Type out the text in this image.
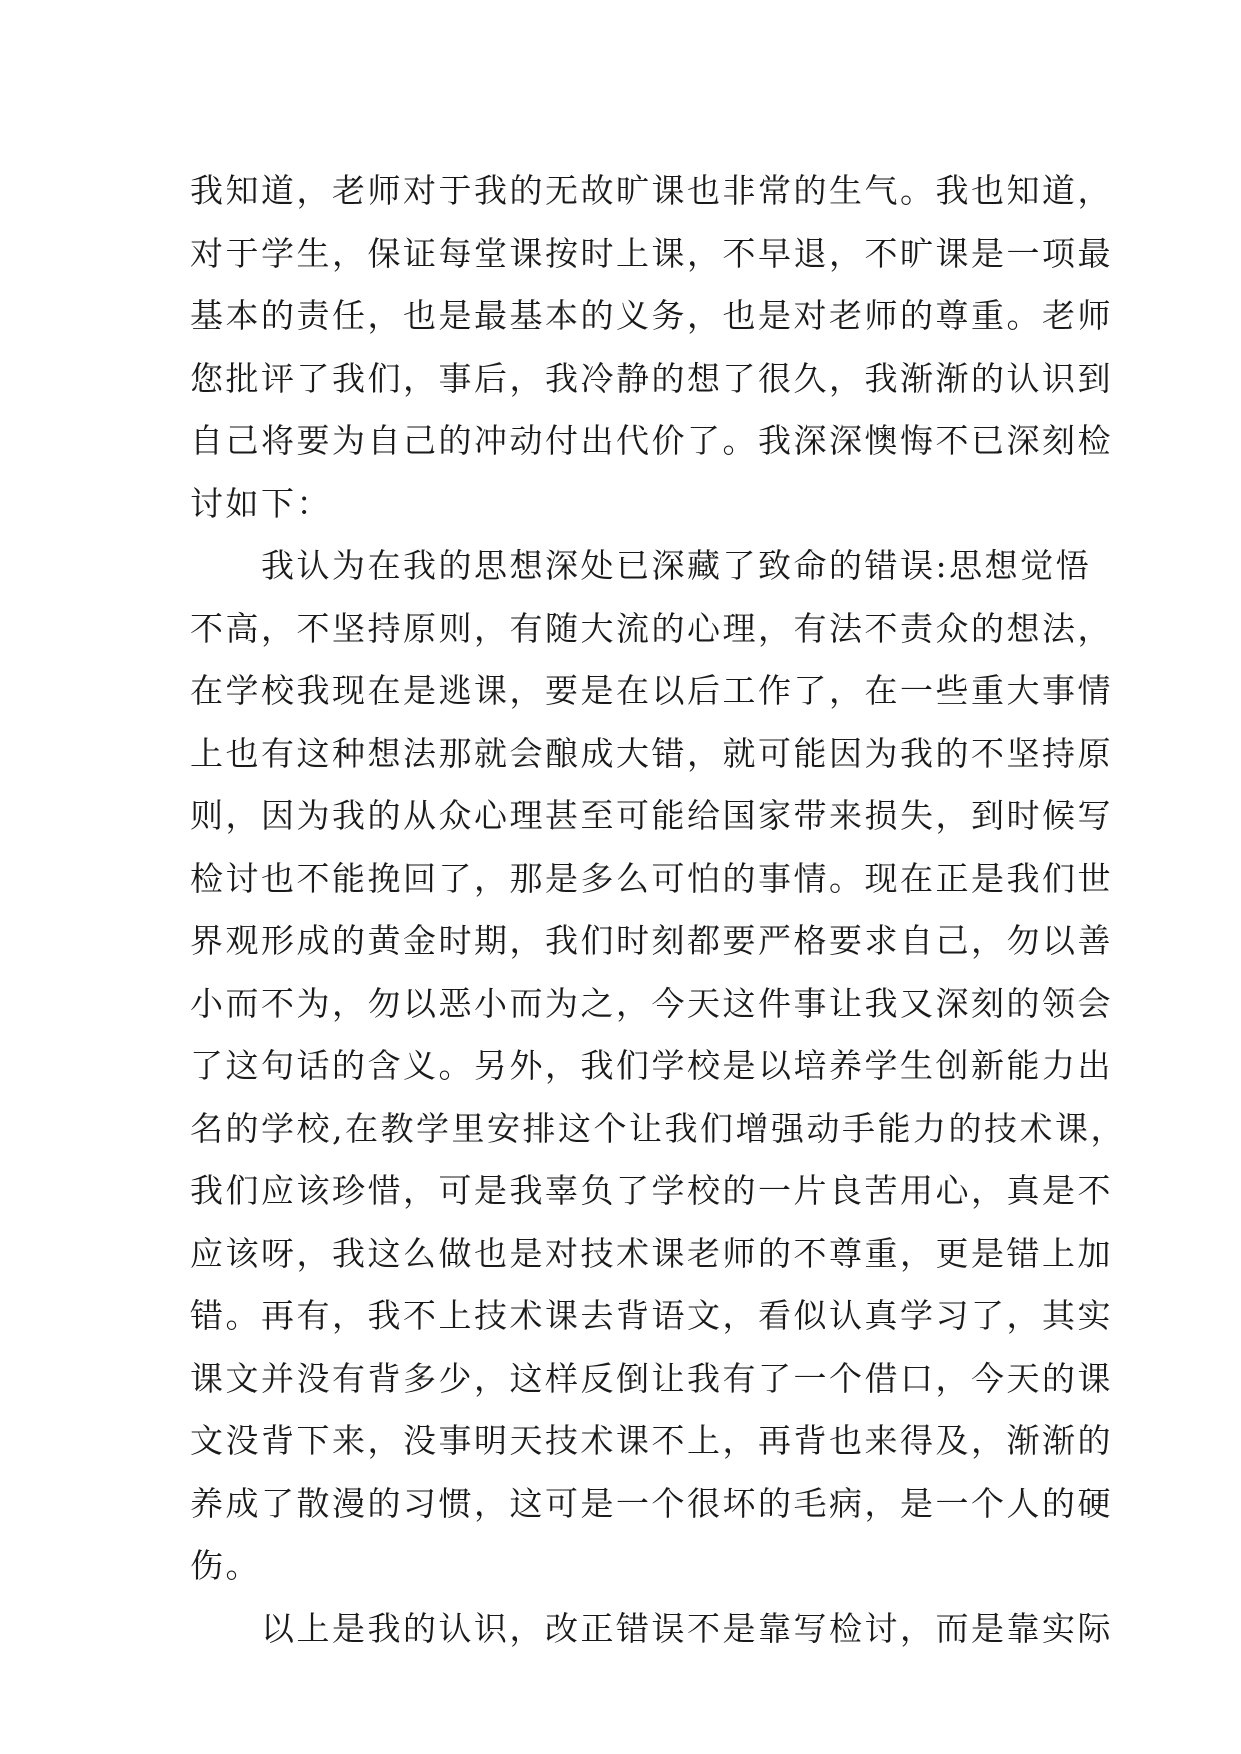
我知道，老师对于我的无故旷课也非常的生气。我也知道，
对于学生，保证每堂课按时上课，不早退，不旷课是一项最
基本的责任，也是最基本的义务，也是对老师的尊重。老师
您批评了我们，事后，我冷静的想了很久，我渐渐的认识到
自己将要为自己的冲动付出代价了。我深深懊悔不已深刻检
讨如下：
　　我认为在我的思想深处已深藏了致命的错误:思想觉悟
不高，不坚持原则，有随大流的心理，有法不责众的想法，
在学校我现在是逃课，要是在以后工作了，在一些重大事情
上也有这种想法那就会酿成大错，就可能因为我的不坚持原
则，因为我的从众心理甚至可能给国家带来损失，到时候写
检讨也不能挽回了，那是多么可怕的事情。现在正是我们世
界观形成的黄金时期，我们时刻都要严格要求自己，勿以善
小而不为，勿以恶小而为之，今天这件事让我又深刻的领会
了这句话的含义。另外，我们学校是以培养学生创新能力出
名的学校,在教学里安排这个让我们增强动手能力的技术课，
我们应该珍惜，可是我辜负了学校的一片良苦用心，真是不
应该呀，我这么做也是对技术课老师的不尊重，更是错上加
错。再有，我不上技术课去背语文，看似认真学习了，其实
课文并没有背多少，这样反倒让我有了一个借口，今天的课
文没背下来，没事明天技术课不上，再背也来得及，渐渐的
养成了散漫的习惯，这可是一个很坏的毛病，是一个人的硬
伤。
　　以上是我的认识，改正错误不是靠写检讨，而是靠实际
